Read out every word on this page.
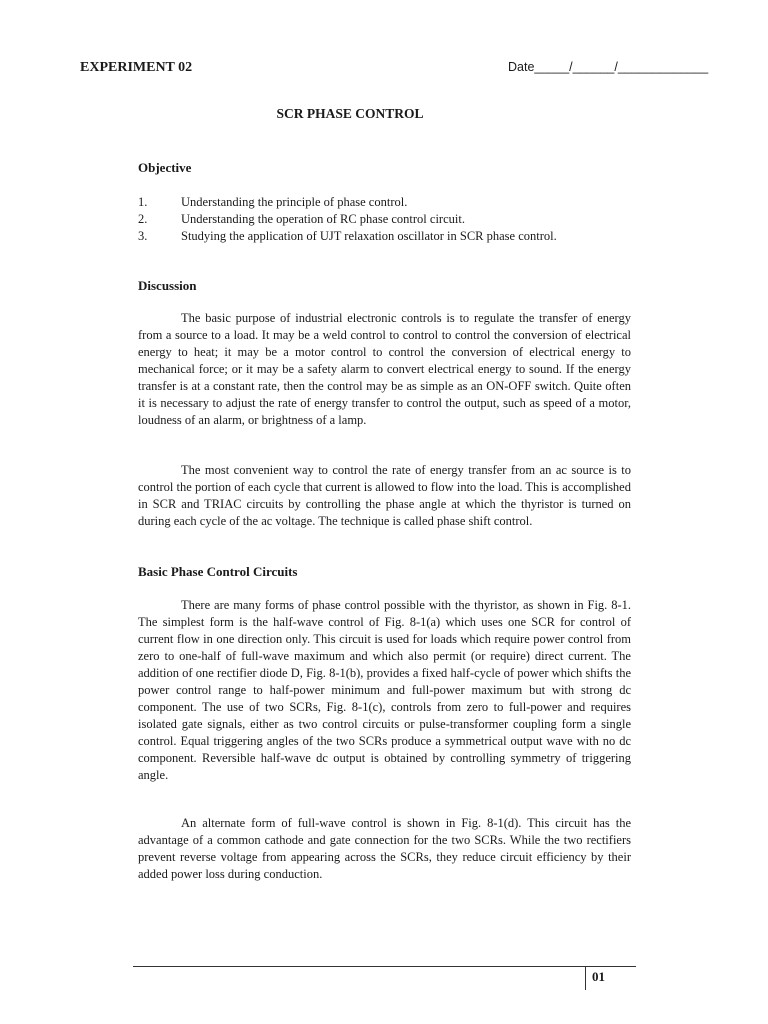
EXPERIMENT 02	Date_____/______/_____________
SCR PHASE CONTROL
Objective
1.	Understanding the principle of phase control.
2.	Understanding the operation of RC phase control circuit.
3.	Studying the application of UJT relaxation oscillator in SCR phase control.
Discussion

The basic purpose of industrial electronic controls is to regulate the transfer of energy from a source to a load. It may be a weld control to control to control the conversion of electrical energy to heat; it may be a motor control to control the conversion of electrical energy to mechanical force; or it may be a safety alarm to convert electrical energy to sound. If the energy transfer is at a constant rate, then the control may be as simple as an ON-OFF switch. Quite often it is necessary to adjust the rate of energy transfer to control the output, such as speed of a motor, loudness of an alarm, or brightness of a lamp.

The most convenient way to control the rate of energy transfer from an ac source is to control the portion of each cycle that current is allowed to flow into the load. This is accomplished in SCR and TRIAC circuits by controlling the phase angle at which the thyristor is turned on during each cycle of the ac voltage. The technique is called phase shift control.

Basic Phase Control Circuits

There are many forms of phase control possible with the thyristor, as shown in Fig. 8-1. The simplest form is the half-wave control of Fig. 8-1(a) which uses one SCR for control of current flow in one direction only. This circuit is used for loads which require power control from zero to one-half of full-wave maximum and which also permit (or require) direct current. The addition of one rectifier diode D, Fig. 8-1(b), provides a fixed half-cycle of power which shifts the power control range to half-power minimum and full-power maximum but with strong dc component. The use of two SCRs, Fig. 8-1(c), controls from zero to full-power and requires isolated gate signals, either as two control circuits or pulse-transformer coupling form a single control. Equal triggering angles of the two SCRs produce a symmetrical output wave with no dc component. Reversible half-wave dc output is obtained by controlling symmetry of triggering angle.

An alternate form of full-wave control is shown in Fig. 8-1(d). This circuit has the advantage of a common cathode and gate connection for the two SCRs. While the two rectifiers prevent reverse voltage from appearing across the SCRs, they reduce circuit efficiency by their added power loss during conduction.

01
